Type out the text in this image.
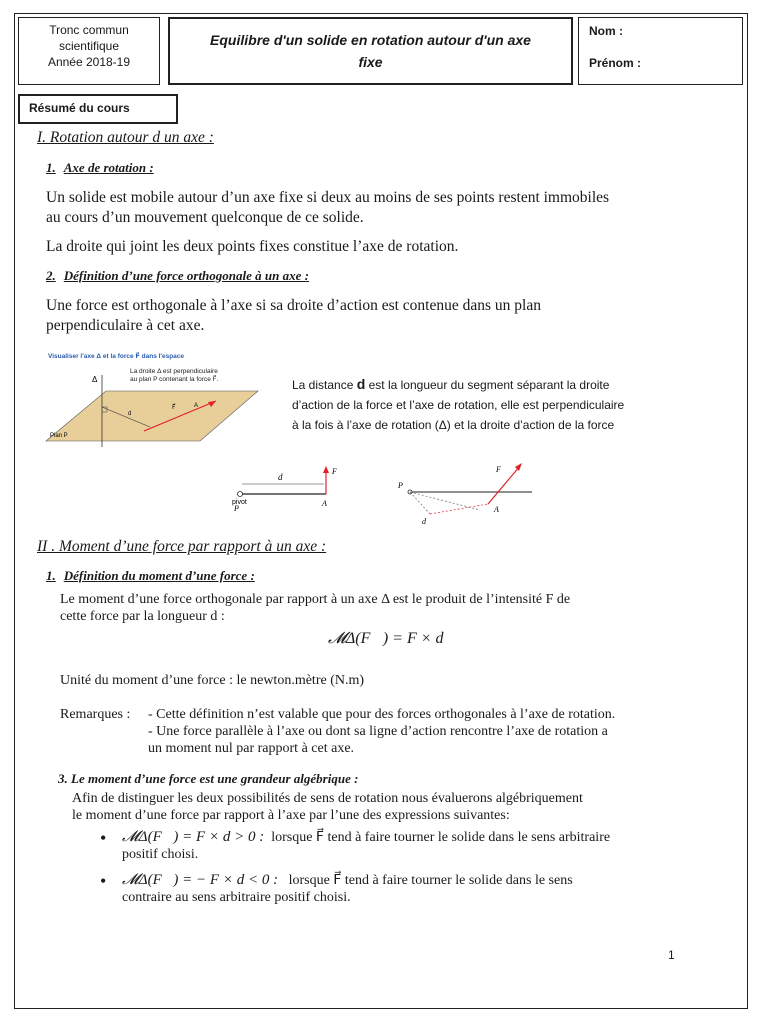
Tronc commun
scientifique
Année 2018-19
Equilibre d'un solide en rotation autour d'un axe
fixe
Nom :
Prénom :
Résumé du cours
I. Rotation autour d un axe :
1. Axe de rotation :
Un solide est mobile autour d’un axe fixe si deux au moins de ses points restent immobiles
au cours d’un mouvement quelconque de ce solide.
La droite qui joint les deux points fixes constitue l’axe de rotation.
2. Définition d’une force orthogonale à un axe :
Une force est orthogonale à l’axe si sa droite d’action est contenue dans un plan
perpendiculaire à cet axe.
Visualiser l'axe Δ et la force F⃗ dans l'espace
Δ
d
F⃗	A
Plan P
La droite Δ est perpendiculaire
au plan P contenant la force F⃗.	La distance d est la longueur du segment séparant la droite
d’action de la force et l’axe de rotation, elle est perpendiculaire
à la fois à l’axe de rotation (Δ) et la droite d’action de la force
d
F⃗
pivot
P
A
F⃗
P
d
A
II . Moment d’une force par rapport à un axe :
1. Définition du moment d’une force :
Le moment d’une force orthogonale par rapport à un axe Δ est le produit de l’intensité F de
cette force par la longueur d :
𝓜Δ(F⃗) = F × d
Unité du moment d’une force : le newton.mètre (N.m)
Remarques : - Cette définition n’est valable que pour des forces orthogonales à l’axe de rotation.
- Une force parallèle à l’axe ou dont sa ligne d’action rencontre l’axe de rotation a
un moment nul par rapport à cet axe.
3. Le moment d’une force est une grandeur algébrique :
Afin de distinguer les deux possibilités de sens de rotation nous évaluerons algébriquement
le moment d’une force par rapport à l’axe par l’une des expressions suivantes:
• 𝓜Δ(F⃗) = F × d > 0 : lorsque F⃗ tend à faire tourner le solide dans le sens arbitraire
positif choisi.
• 𝓜Δ(F⃗) = − F × d < 0 : lorsque F⃗ tend à faire tourner le solide dans le sens
contraire au sens arbitraire positif choisi.
1
